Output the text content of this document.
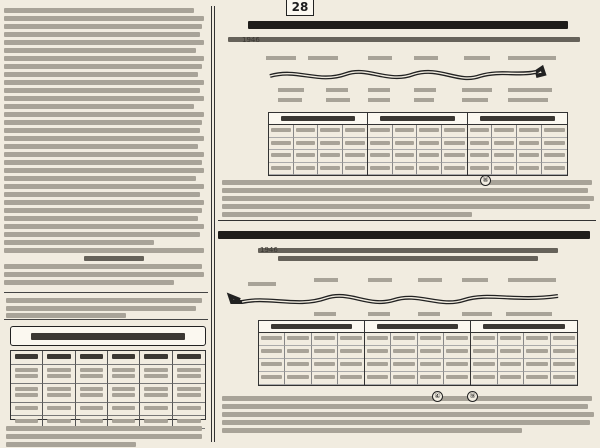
28
⑧
④	⑨
1946
1946
